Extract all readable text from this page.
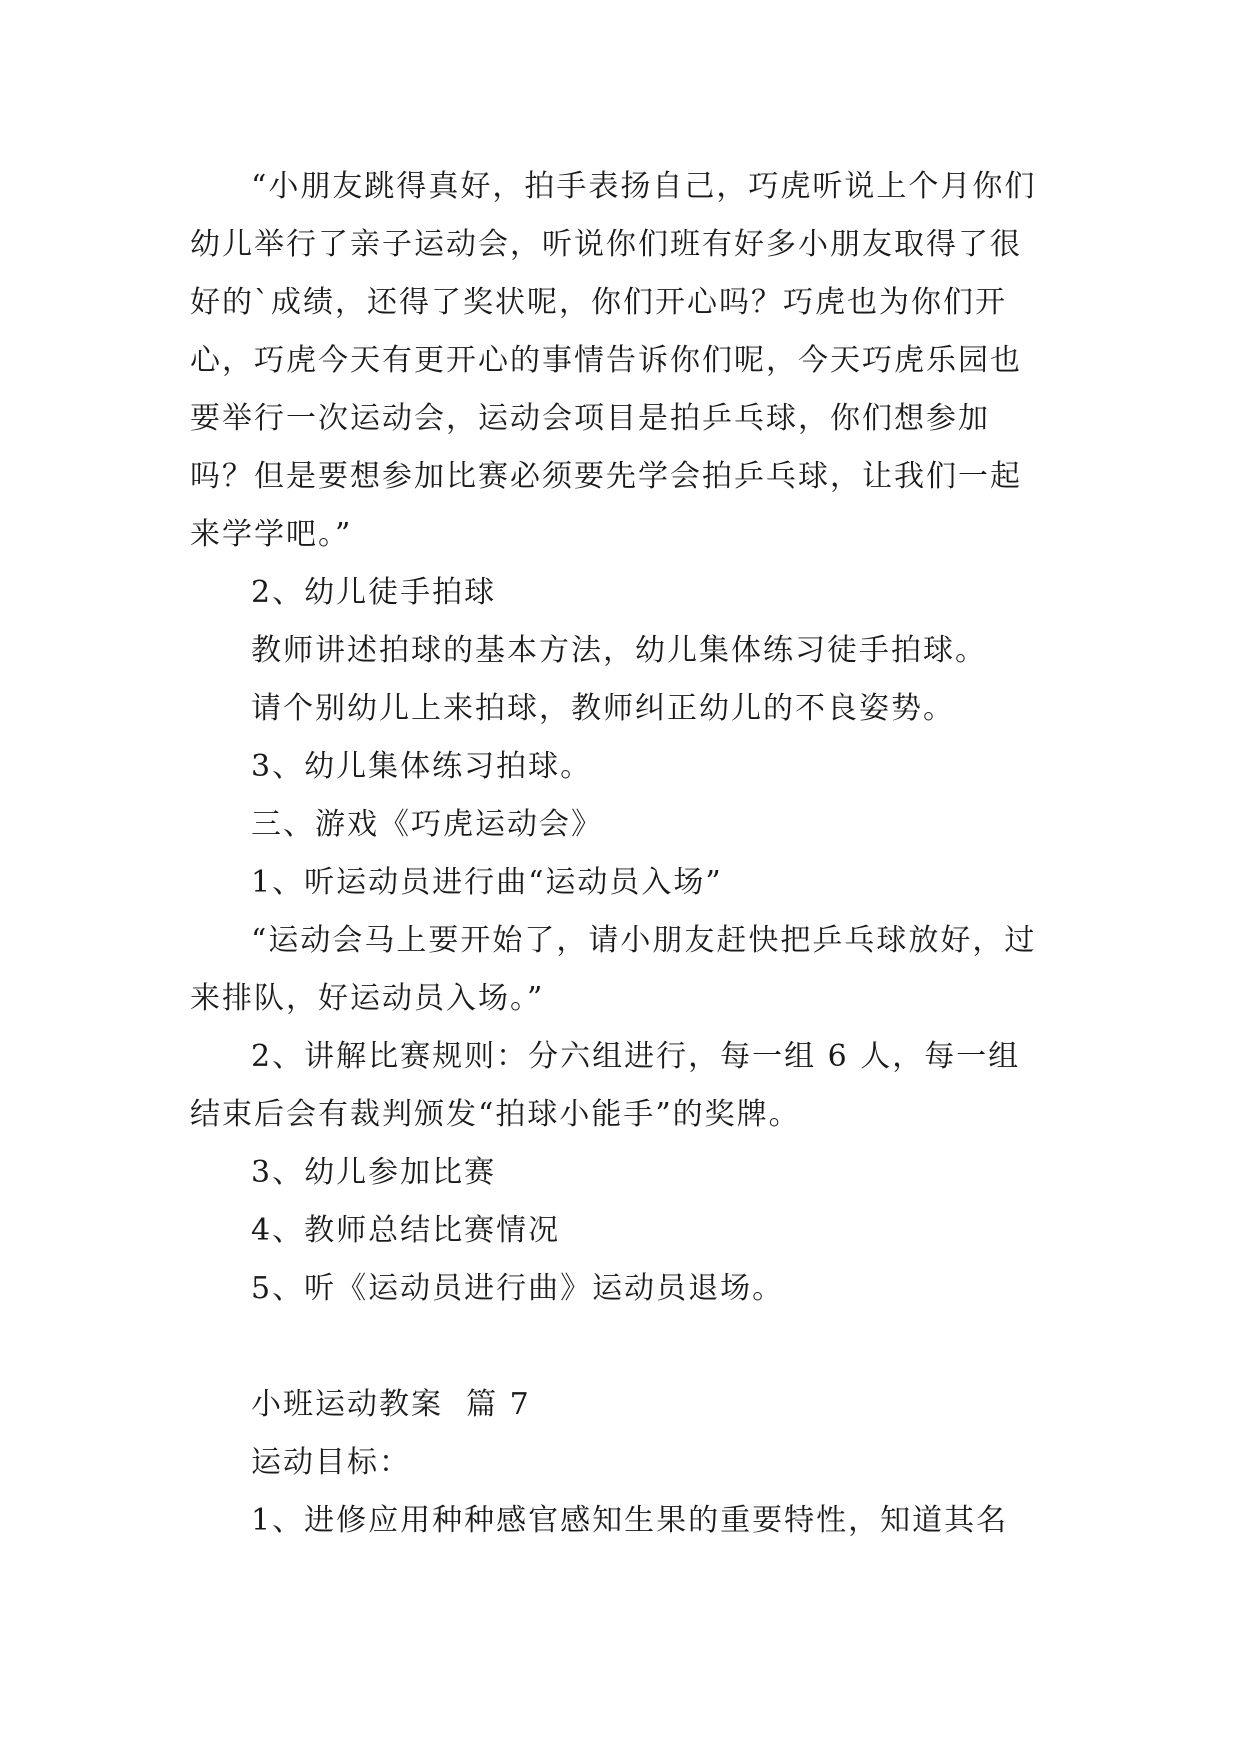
“小朋友跳得真好，拍手表扬自己，巧虎听说上个月你们幼儿举行了亲子运动会，听说你们班有好多小朋友取得了很好的`成绩，还得了奖状呢，你们开心吗？巧虎也为你们开心，巧虎今天有更开心的事情告诉你们呢，今天巧虎乐园也要举行一次运动会，运动会项目是拍乒乓球，你们想参加吗？但是要想参加比赛必须要先学会拍乒乓球，让我们一起来学学吧。”

2、幼儿徒手拍球

教师讲述拍球的基本方法，幼儿集体练习徒手拍球。

请个别幼儿上来拍球，教师纠正幼儿的不良姿势。

3、幼儿集体练习拍球。

三、游戏《巧虎运动会》

1、听运动员进行曲“运动员入场”

“运动会马上要开始了，请小朋友赶快把乒乓球放好，过来排队，好运动员入场。”

2、讲解比赛规则：分六组进行，每一组 6 人，每一组结束后会有裁判颁发“拍球小能手”的奖牌。

3、幼儿参加比赛

4、教师总结比赛情况

5、听《运动员进行曲》运动员退场。

小班运动教案  篇 7

运动目标：

1、进修应用种种感官感知生果的重要特性，知道其名
